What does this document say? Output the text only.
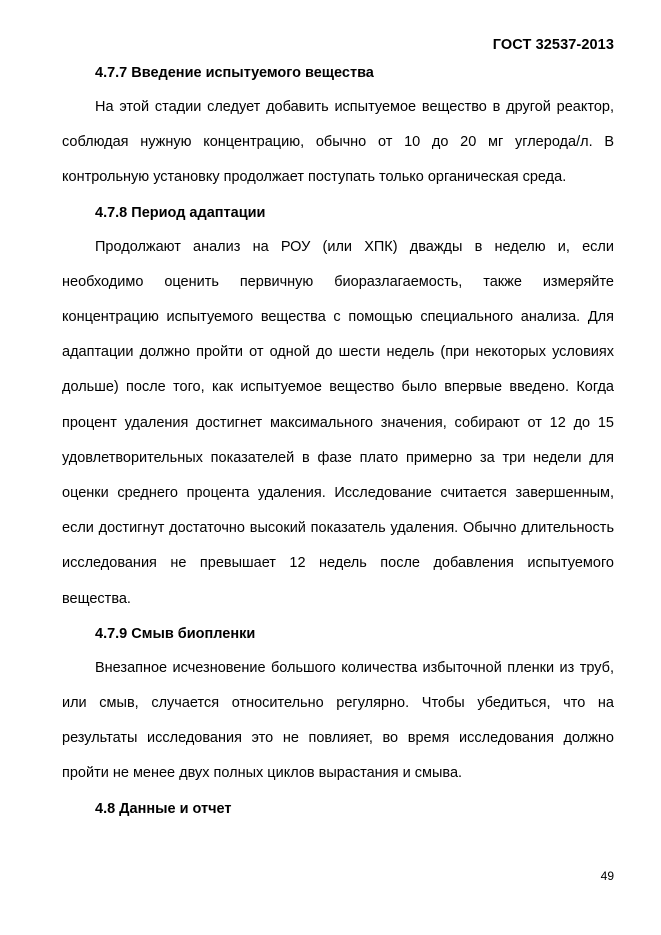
ГОСТ 32537-2013
4.7.7 Введение испытуемого вещества

На этой стадии следует добавить испытуемое вещество в другой реактор, соблюдая нужную концентрацию, обычно от 10 до 20 мг углерода/л. В контрольную установку продолжает поступать только органическая среда.

4.7.8 Период адаптации

Продолжают анализ на РОУ (или ХПК) дважды в неделю и, если необходимо оценить первичную биоразлагаемость, также измеряйте концентрацию испытуемого вещества с помощью специального анализа. Для адаптации должно пройти от одной до шести недель (при некоторых условиях дольше) после того, как испытуемое вещество было впервые введено. Когда процент удаления достигнет максимального значения, собирают от 12 до 15 удовлетворительных показателей в фазе плато примерно за три недели для оценки среднего процента удаления. Исследование считается завершенным, если достигнут достаточно высокий показатель удаления. Обычно длительность исследования не превышает 12 недель после добавления испытуемого вещества.

4.7.9 Смыв биопленки

Внезапное исчезновение большого количества избыточной пленки из труб, или смыв, случается относительно регулярно. Чтобы убедиться, что на результаты исследования это не повлияет, во время исследования должно пройти не менее двух полных циклов вырастания и смыва.

4.8 Данные и отчет
49
